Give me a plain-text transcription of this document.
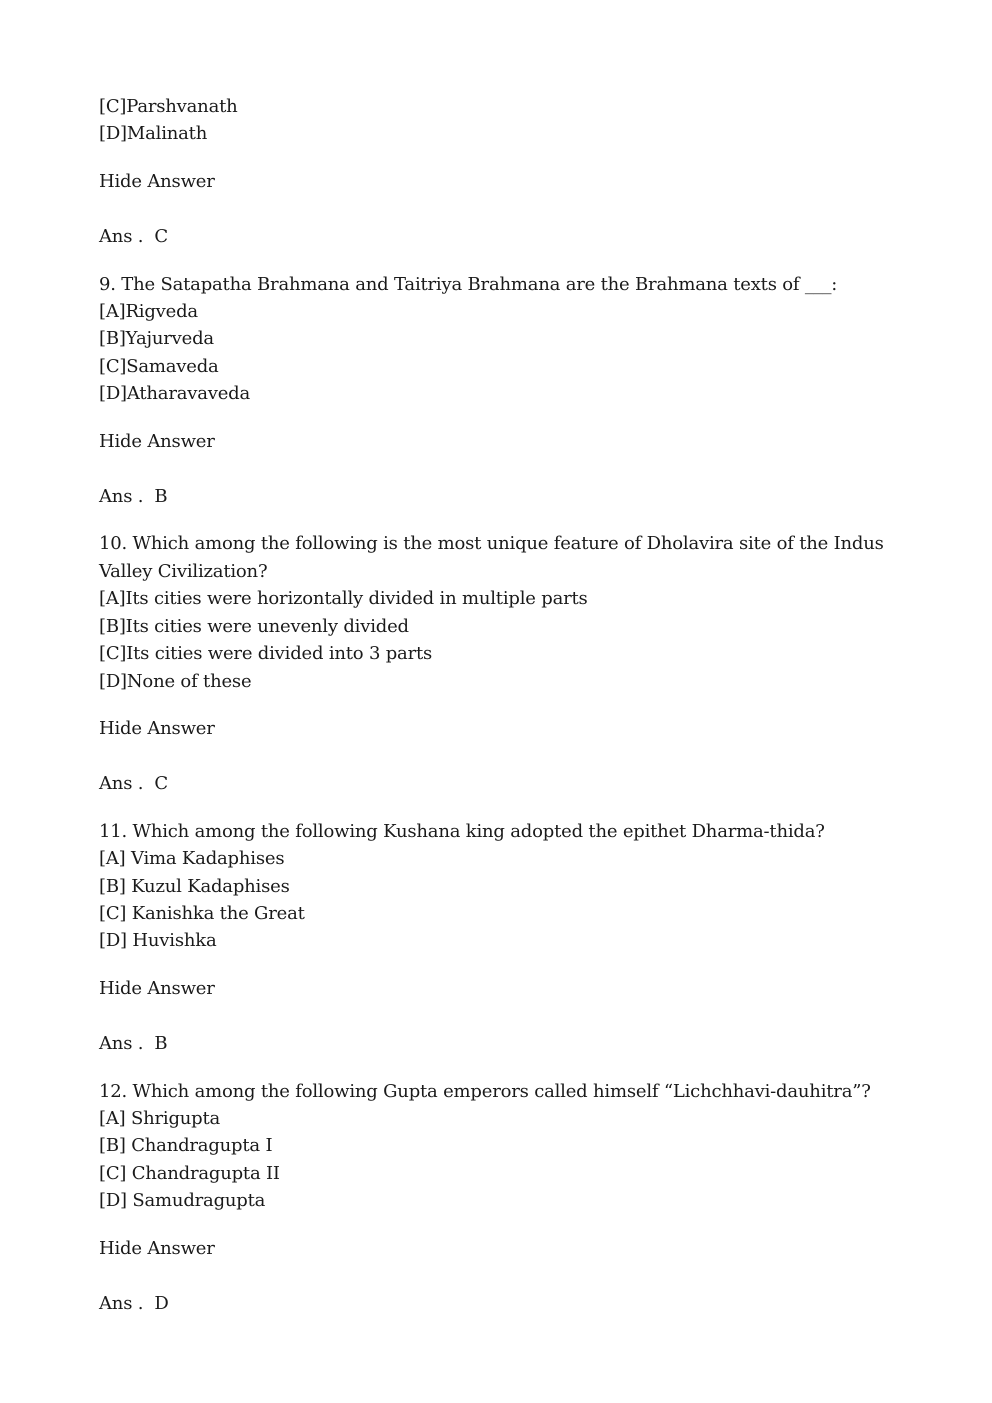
[C]Parshvanath
[D]Malinath
Hide Answer
Ans . C
9. The Satapatha Brahmana and Taitriya Brahmana are the Brahmana texts of ___:
[A]Rigveda
[B]Yajurveda
[C]Samaveda
[D]Atharavaveda
Hide Answer
Ans . B
10. Which among the following is the most unique feature of Dholavira site of the Indus Valley Civilization?
[A]Its cities were horizontally divided in multiple parts
[B]Its cities were unevenly divided
[C]Its cities were divided into 3 parts
[D]None of these
Hide Answer
Ans . C
11. Which among the following Kushana king adopted the epithet Dharma-thida?
[A] Vima Kadaphises
[B] Kuzul Kadaphises
[C] Kanishka the Great
[D] Huvishka
Hide Answer
Ans . B
12. Which among the following Gupta emperors called himself “Lichchhavi-dauhitra”?
[A] Shrigupta
[B] Chandragupta I
[C] Chandragupta II
[D] Samudragupta
Hide Answer
Ans . D
